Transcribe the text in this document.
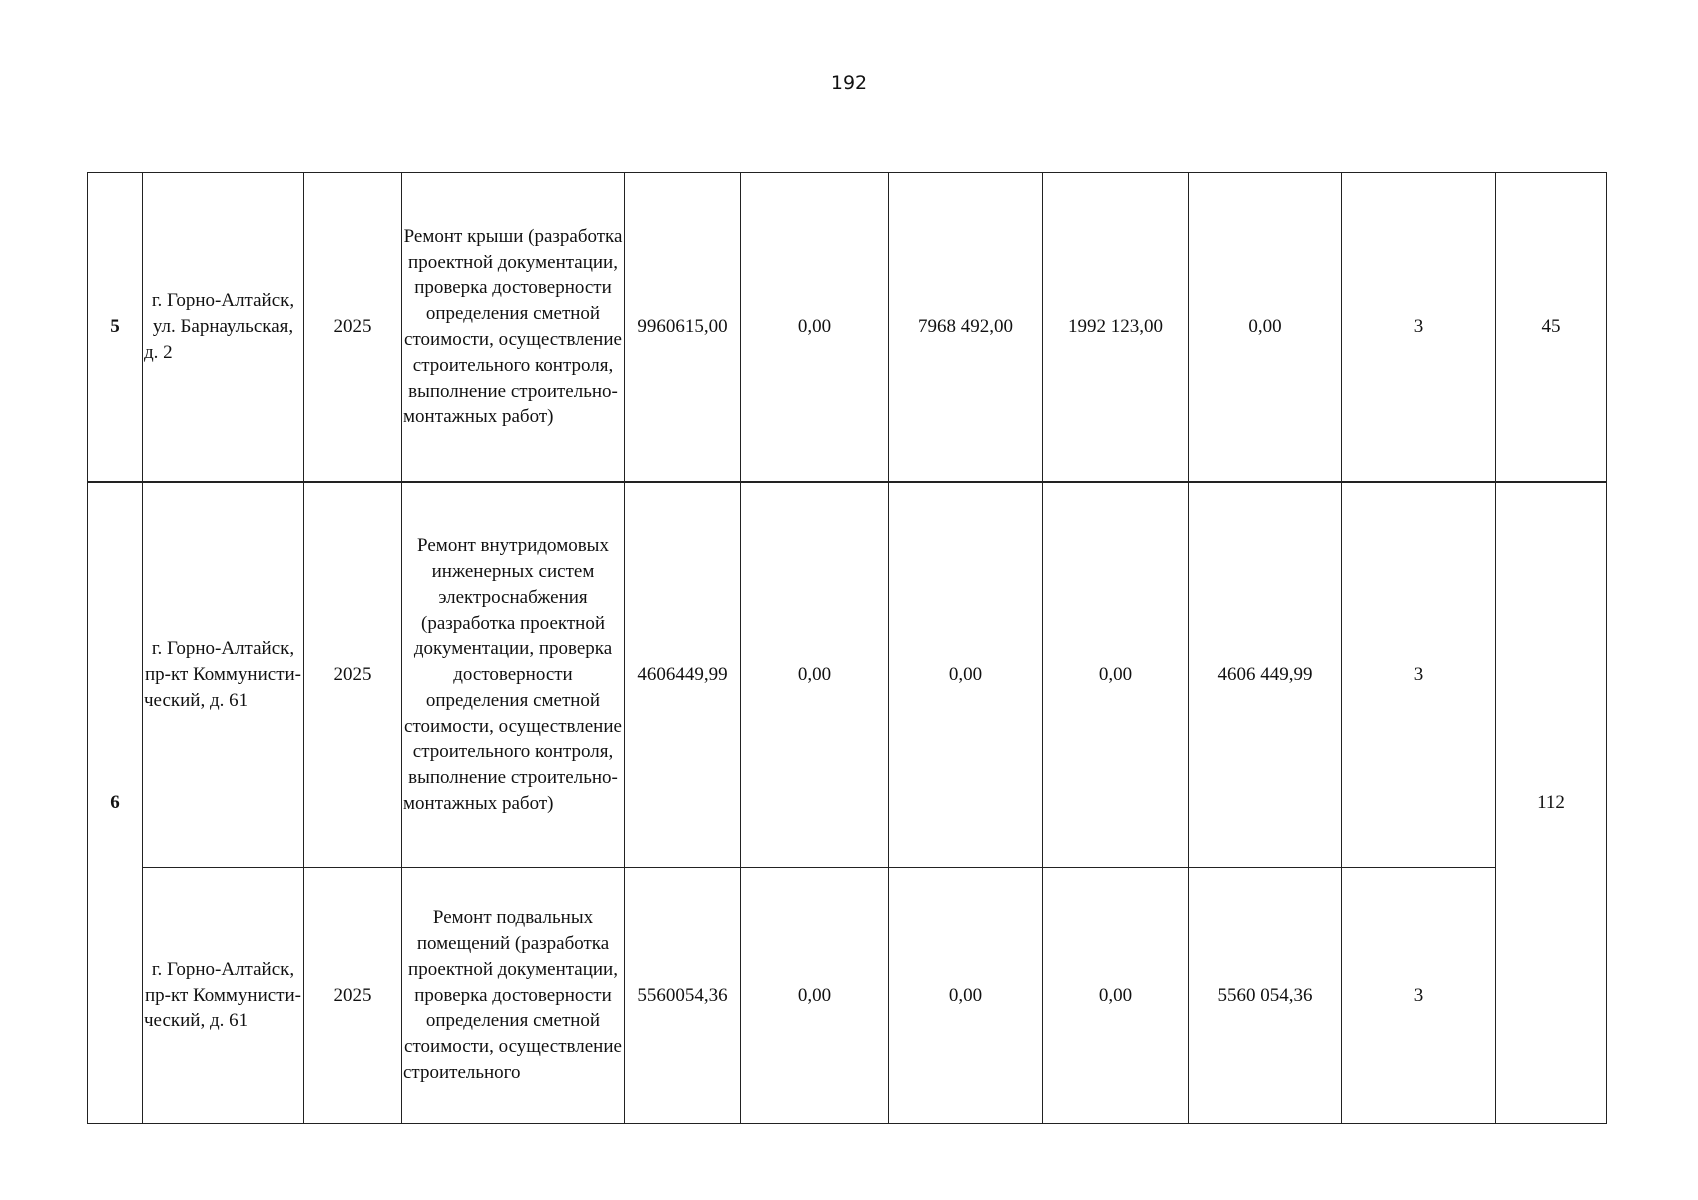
192
5	г. Горно-Алтайск, ул. Барнаульская, д. 2	2025	Ремонт крыши (разработка проектной документации, проверка достоверности определения сметной стоимости, осуществление строительного контроля, выполнение строительно-монтажных работ)	9960615,00	0,00	7968 492,00	1992 123,00	0,00	3	45
6	г. Горно-Алтайск, пр-кт Коммунисти-ческий, д. 61	2025	Ремонт внутридомовых инженерных систем электроснабжения (разработка проектной документации, проверка достоверности определения сметной стоимости, осуществление строительного контроля, выполнение строительно-монтажных работ)	4606449,99	0,00	0,00	0,00	4606 449,99	3	112
	г. Горно-Алтайск, пр-кт Коммунисти-ческий, д. 61	2025	Ремонт подвальных помещений (разработка проектной документации, проверка достоверности определения сметной стоимости, осуществление строительного	5560054,36	0,00	0,00	0,00	5560 054,36	3	
